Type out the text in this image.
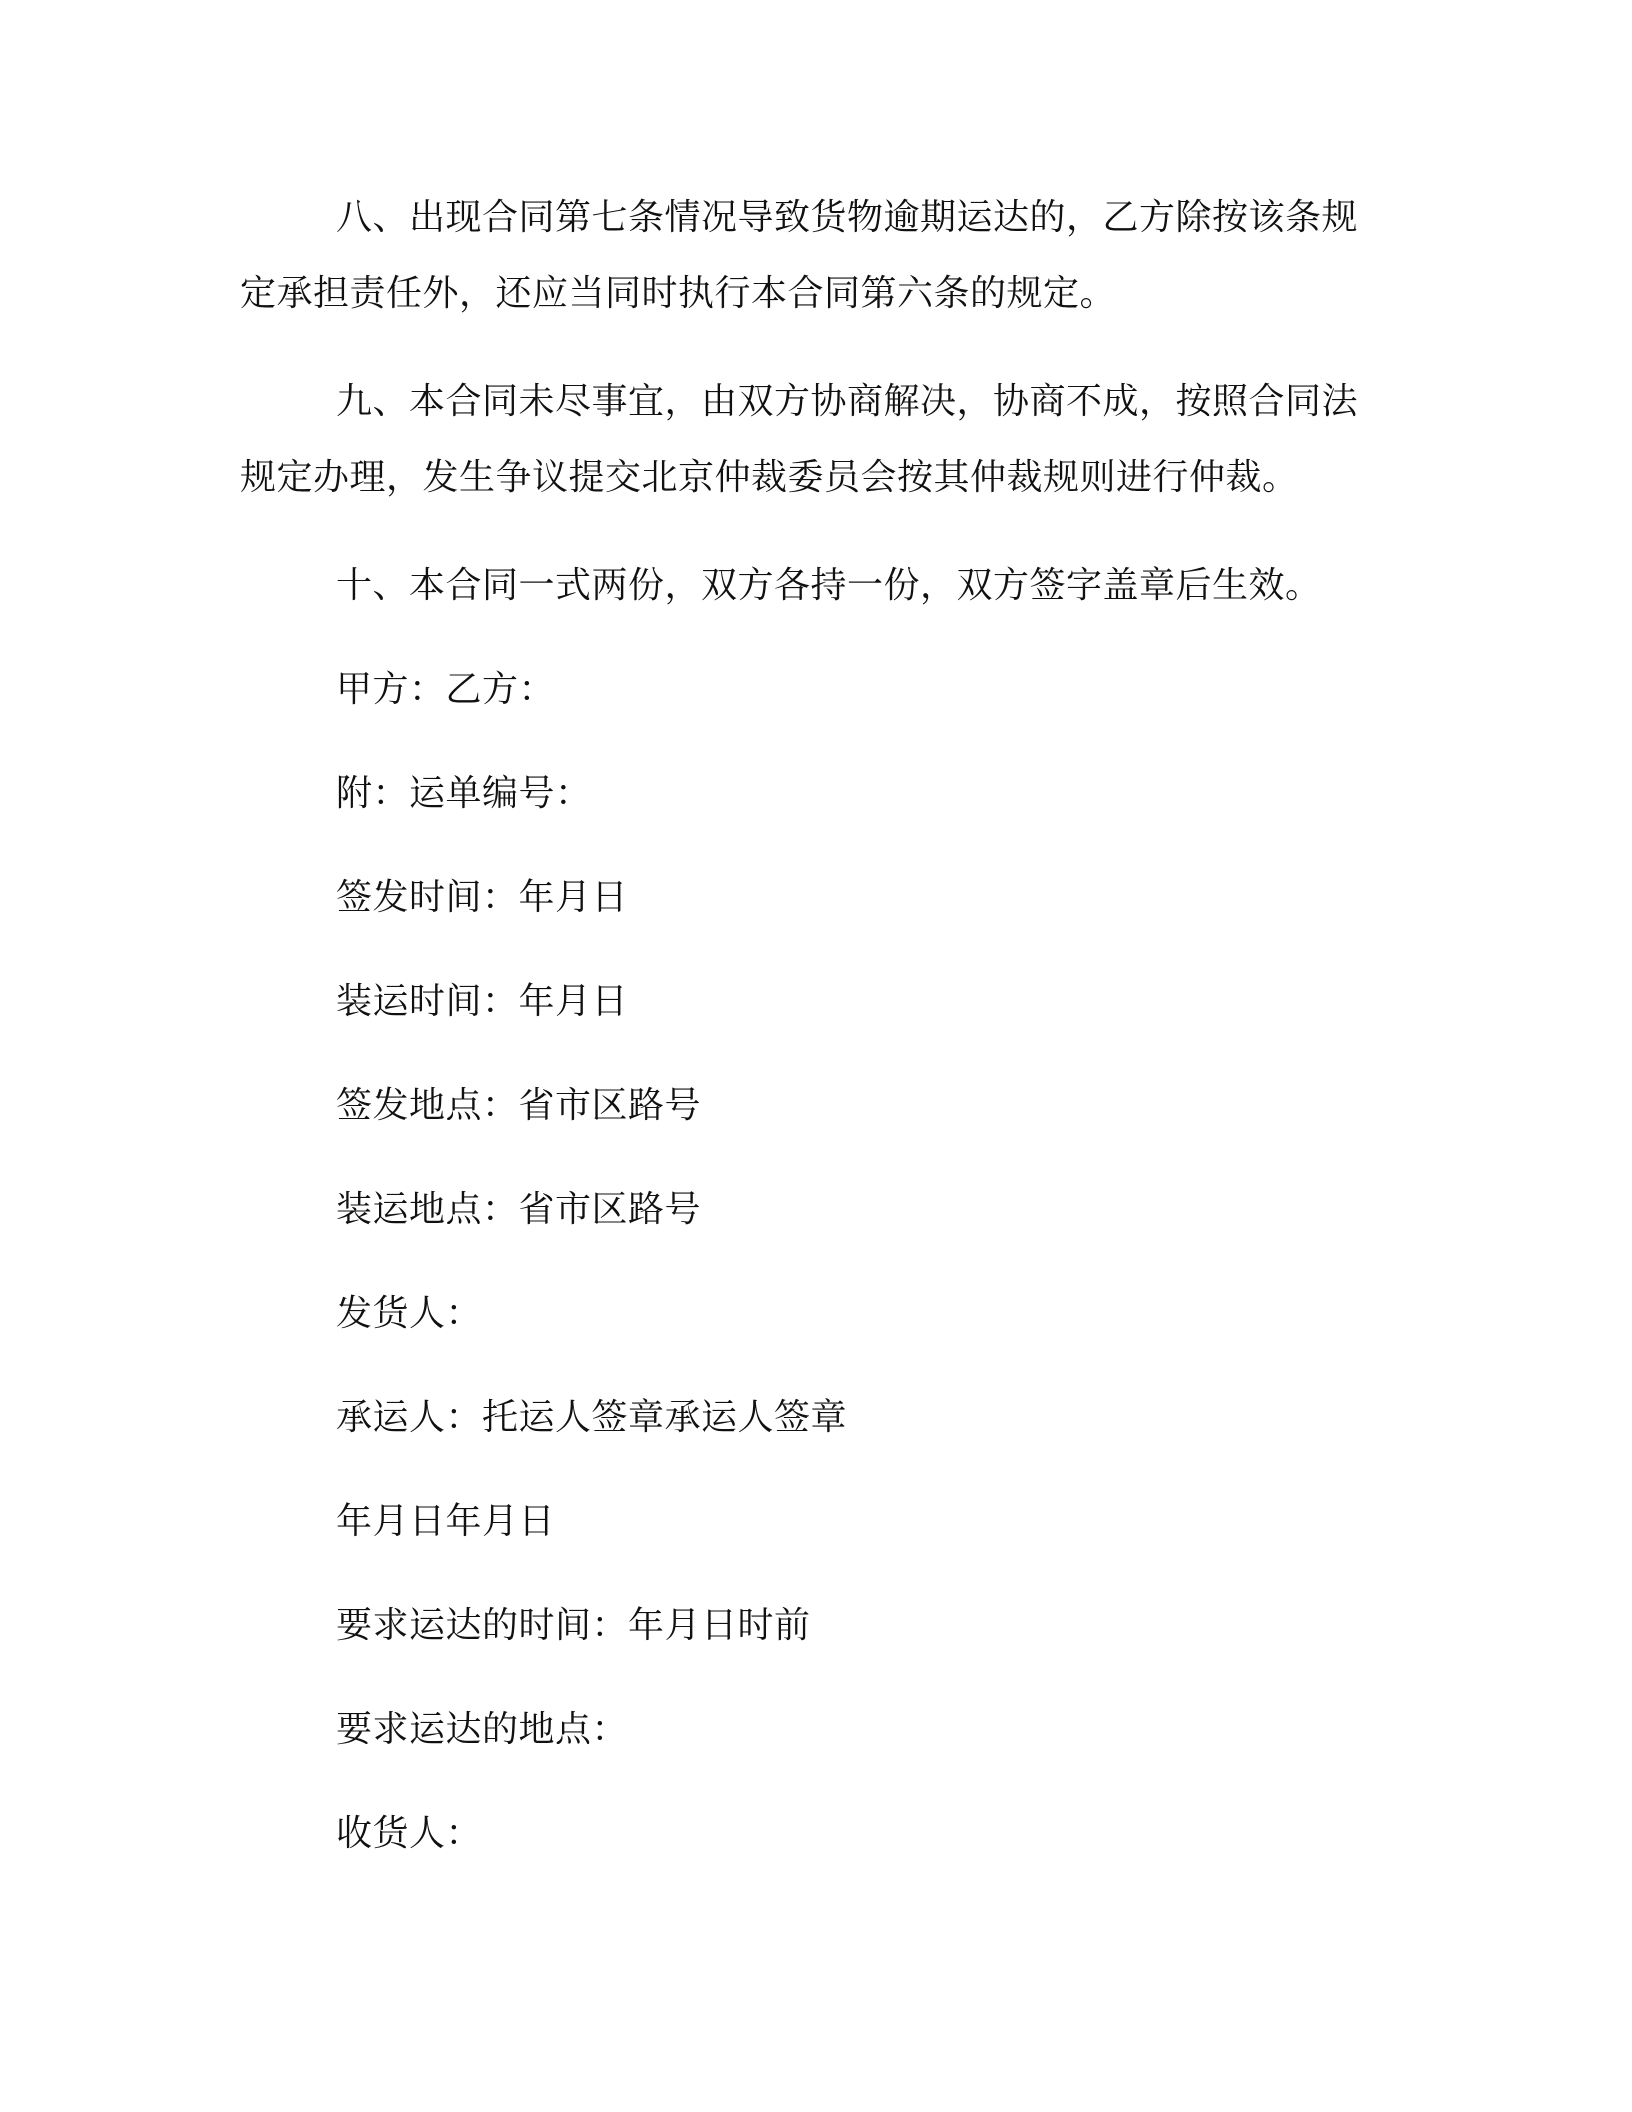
八、出现合同第七条情况导致货物逾期运达的，乙方除按该条规定承担责任外，还应当同时执行本合同第六条的规定。

九、本合同未尽事宜，由双方协商解决，协商不成，按照合同法规定办理，发生争议提交北京仲裁委员会按其仲裁规则进行仲裁。

十、本合同一式两份，双方各持一份，双方签字盖章后生效。

甲方：乙方：

附：运单编号：

签发时间：年月日

装运时间：年月日

签发地点：省市区路号

装运地点：省市区路号

发货人：

承运人：托运人签章承运人签章

年月日年月日

要求运达的时间：年月日时前

要求运达的地点：

收货人：
